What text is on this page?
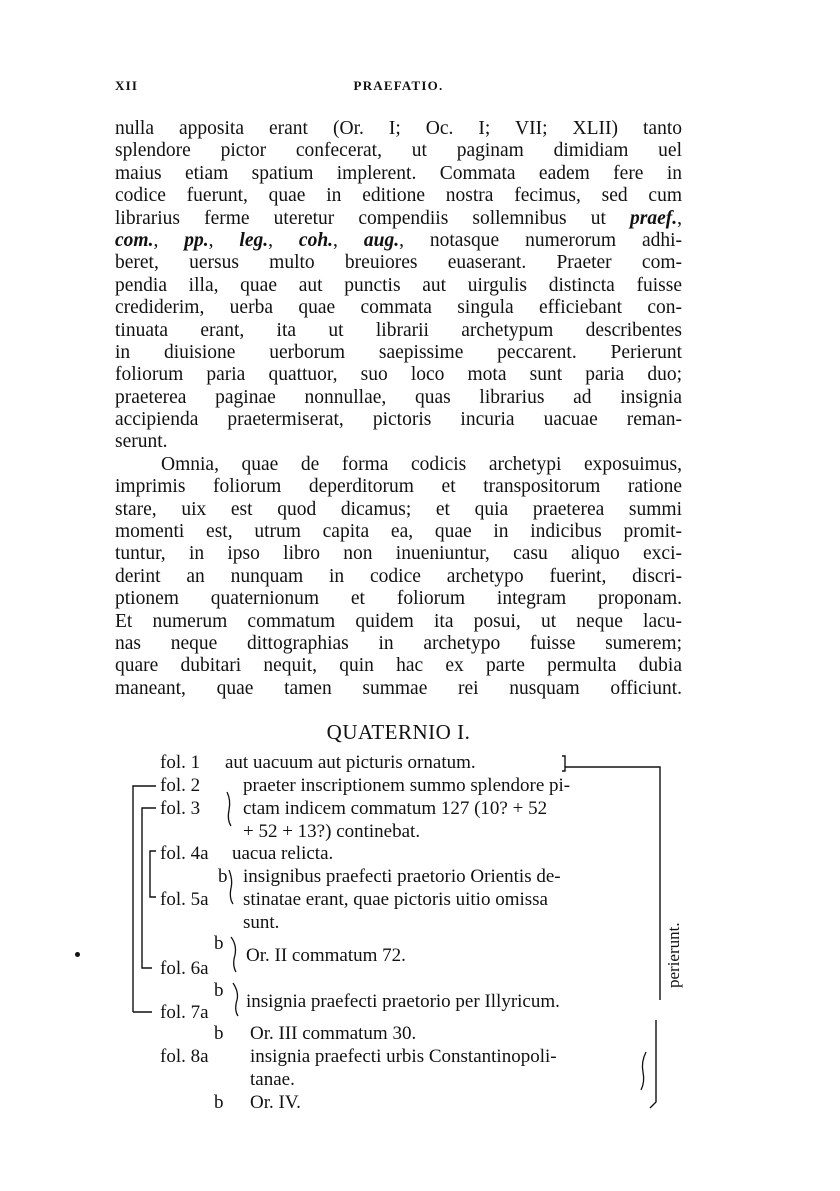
XII	PRAEFATIO.
nulla apposita erant (Or. I; Oc. I; VII; XLII) tanto
splendore pictor confecerat, ut paginam dimidiam uel
maius etiam spatium implerent. Commata eadem fere in
codice fuerunt, quae in editione nostra fecimus, sed cum
librarius ferme uteretur compendiis sollemnibus ut praef.,
com., pp., leg., coh., aug., notasque numerorum adhi-
beret, uersus multo breuiores euaserant. Praeter com-
pendia illa, quae aut punctis aut uirgulis distincta fuisse
crediderim, uerba quae commata singula efficiebant con-
tinuata erant, ita ut librarii archetypum describentes
in diuisione uerborum saepissime peccarent. Perierunt
foliorum paria quattuor, suo loco mota sunt paria duo;
praeterea paginae nonnullae, quas librarius ad insignia
accipienda praetermiserat, pictoris incuria uacuae reman-
serunt.
Omnia, quae de forma codicis archetypi exposuimus,
imprimis foliorum deperditorum et transpositorum ratione
stare, uix est quod dicamus; et quia praeterea summi
momenti est, utrum capita ea, quae in indicibus promit-
tuntur, in ipso libro non inueniuntur, casu aliquo exci-
derint an nunquam in codice archetypo fuerint, discri-
ptionem quaternionum et foliorum integram proponam.
Et numerum commatum quidem ita posui, ut neque lacu-
nas neque dittographias in archetypo fuisse sumerem;
quare dubitari nequit, quin hac ex parte permulta dubia
maneant, quae tamen summae rei nusquam officiunt.
QUATERNIO I.
fol. 1 aut uacuum aut picturis ornatum.
fol. 2 praeter inscriptionem summo splendore pi-
fol. 3 ctam indicem commatum 127 (10? + 52
+ 52 + 13?) continebat.
fol. 4a uacua relicta.
b insignibus praefecti praetorio Orientis de-
fol. 5a stinatae erant, quae pictoris uitio omissa
sunt.
b
fol. 6a
Or. II commatum 72.
b
fol. 7a
insignia praefecti praetorio per Illyricum.
b Or. III commatum 30.
fol. 8a insignia praefecti urbis Constantinopoli-
tanae.
b Or. IV.
perierunt.
